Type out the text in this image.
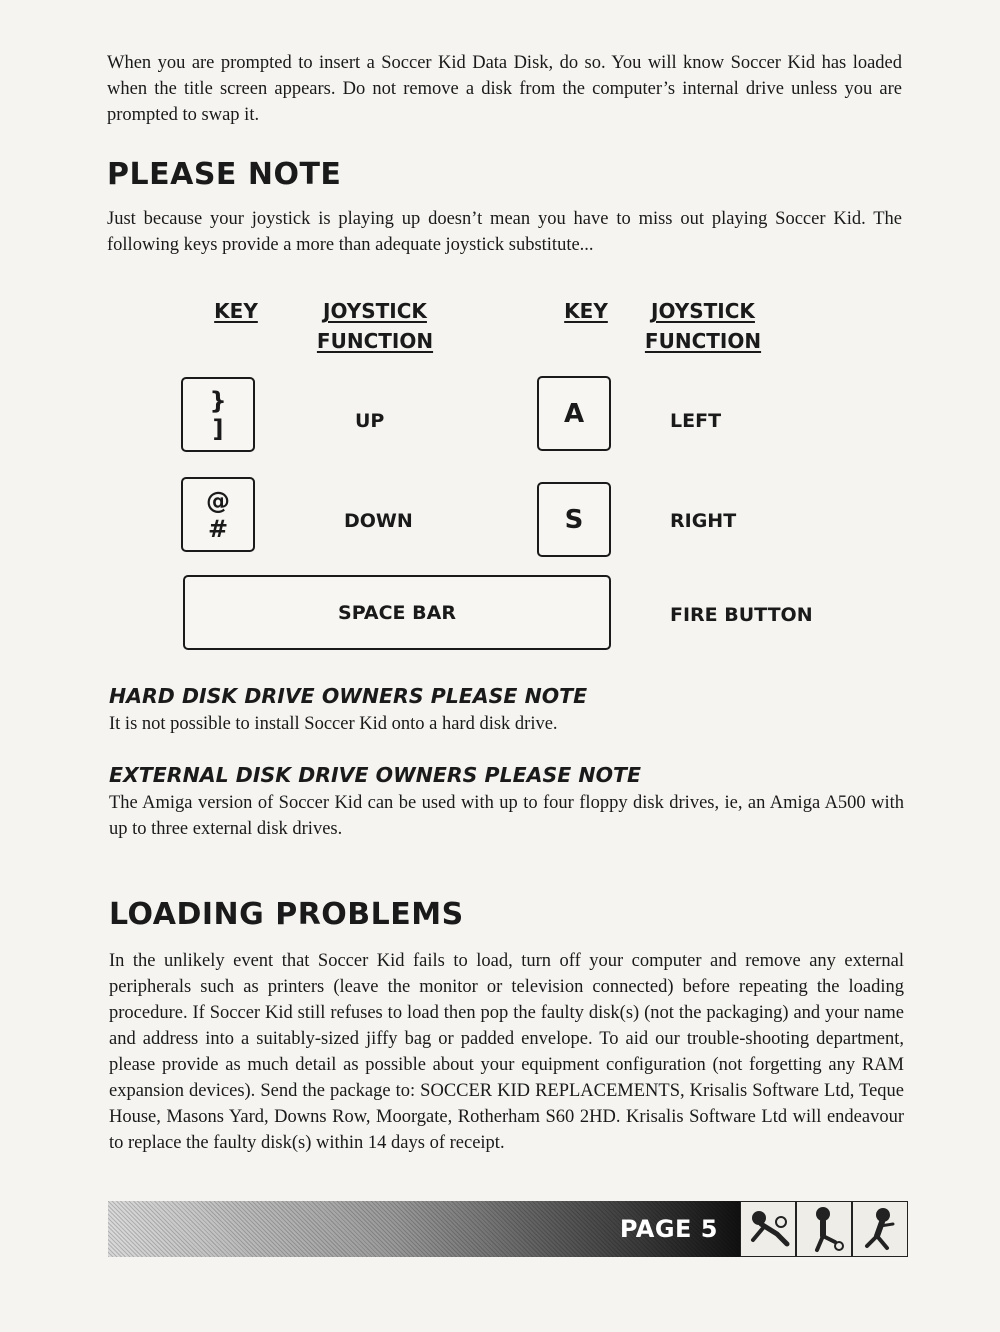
When you are prompted to insert a Soccer Kid Data Disk, do so. You will know Soccer Kid has loaded when the title screen appears. Do not remove a disk from the computer’s internal drive unless you are prompted to swap it.

PLEASE NOTE

Just because your joystick is playing up doesn’t mean you have to miss out playing Soccer Kid. The following keys provide a more than adequate joystick substitute...

KEY	JOYSTICK FUNCTION
KEY	JOYSTICK FUNCTION
}
]	UP	A	LEFT
@
#	DOWN	S	RIGHT
SPACE BAR	FIRE BUTTON
HARD DISK DRIVE OWNERS PLEASE NOTE

It is not possible to install Soccer Kid onto a hard disk drive.

EXTERNAL DISK DRIVE OWNERS PLEASE NOTE

The Amiga version of Soccer Kid can be used with up to four floppy disk drives, ie, an Amiga A500 with up to three external disk drives.

LOADING PROBLEMS

In the unlikely event that Soccer Kid fails to load, turn off your computer and remove any external peripherals such as printers (leave the monitor or television connected) before repeating the loading procedure. If Soccer Kid still refuses to load then pop the faulty disk(s) (not the packaging) and your name and address into a suitably-sized jiffy bag or padded envelope. To aid our trouble-shooting department, please provide as much detail as possible about your equipment configuration (not forgetting any RAM expansion devices). Send the package to: SOCCER KID REPLACEMENTS, Krisalis Software Ltd, Teque House, Masons Yard, Downs Row, Moorgate, Rotherham S60 2HD. Krisalis Software Ltd will endeavour to replace the faulty disk(s) within 14 days of receipt.

PAGE 5
